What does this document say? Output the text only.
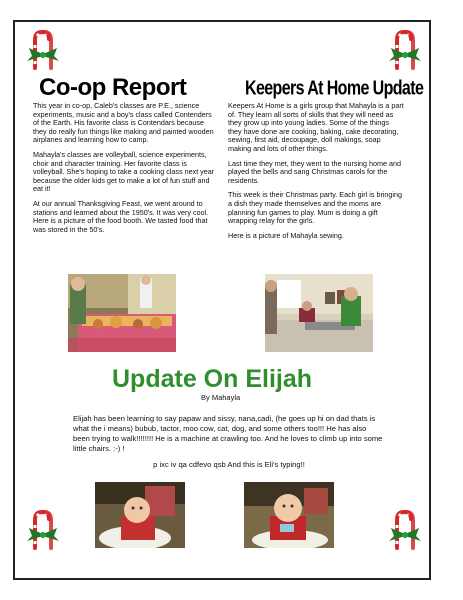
Co-op Report	Keepers At Home Update

This year in co-op, Caleb's classes are P.E., science experiments, music and a boy's class called Contenders of the Earth. His favorite class is Contendars because they do really fun things like making and painted wooden airplanes and learning how to camp.

Mahayla's classes are volleyball, science experiments, choir and character training. Her favorite class is volleyball. She's hoping to take a cooking class next year because the older kids get to make a lot of fun stuff and eat it!

At our annual Thanksgiving Feast, we went around to stations and learned about the 1950's. It was very cool. Here is a picture of the food booth. We tasted food that was stored in the 50's.

Keepers At Home is a girls group that Mahayla is a part of. They learn all sorts of skills that they will need as they grow up into young ladies. Some of the things they have done are cooking, baking, cake decorating, sewing, first aid, decoupage, doll makings, soap making and lots of other things.

Last time they met, they went to the nursing home and played the bells and sang Christmas carols for the residents.

This week is their Christmas party. Each girl is bringing a dish they made themselves and the moms are planning fun games to play. Mum is doing a gift wrapping relay for the girls.

Here is a picture of Mahayla sewing.

Update On Elijah
By Mahayla

Elijah has been learning to say papaw and sissy, nana,cadi, (he goes up hi on dad thats is what the i means) bubub, tactor, moo cow, cat, dog, and some others too!!! He has also been trying to walk!!!!!!!! He is a machine at crawling too. And he loves to climb up into some little chairs. :-) !

p ixc iv qa cdfevo qsb And this is Eli's typing!!
